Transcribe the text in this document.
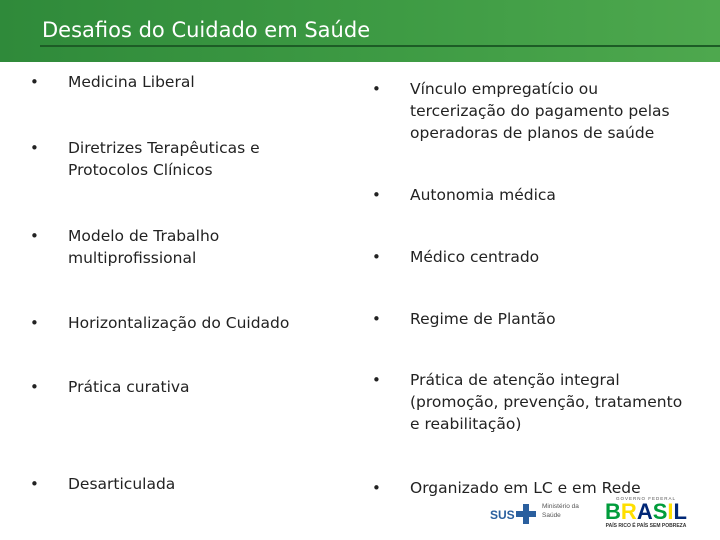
Desafios do Cuidado em Saúde
•	Medicina Liberal
•	Diretrizes Terapêuticas e
Protocolos Clínicos
•	Modelo de Trabalho
multiprofissional
•	Horizontalização do Cuidado
•	Prática curativa
•	Desarticulada
•	Vínculo empregatício ou
tercerização do pagamento pelas
operadoras de planos de saúde
•	Autonomia médica
•	Médico centrado
•	Regime de Plantão
•	Prática de atenção integral
(promoção, prevenção, tratamento
e reabilitação)
•	Organizado em LC e em Rede
SUS
Ministério da
Saúde
GOVERNO FEDERAL
BRASIL
PAÍS RICO É PAÍS SEM POBREZA
